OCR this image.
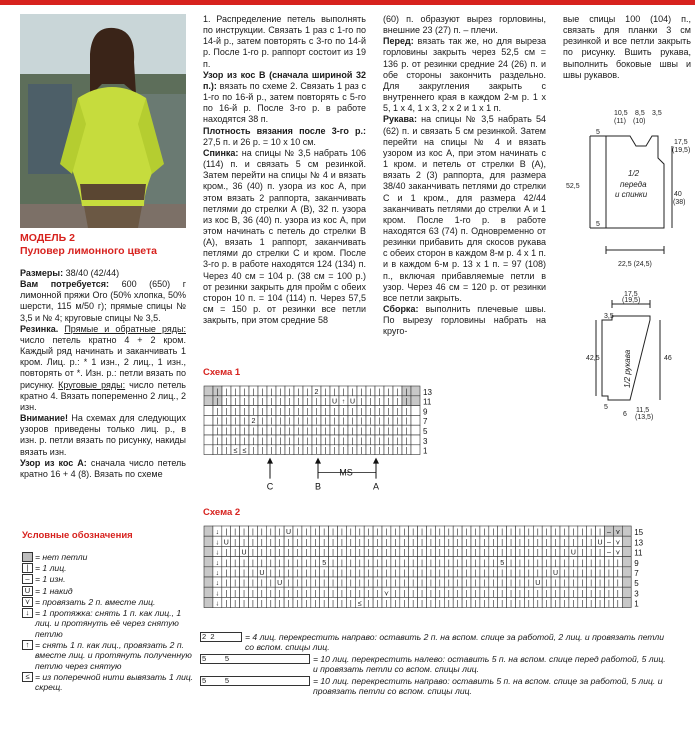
МОДЕЛЬ 2
Пуловер лимонного цвета

Размеры: 38/40 (42/44)

Вам потребуется: 600 (650) г лимонной пряжи Oro (50% хлопка, 50% шерсти, 115 м/50 г); прямые спицы № 3,5 и № 4; круговые спицы № 3,5.

Резинка. Прямые и обратные ряды: число петель кратно 4 + 2 кром. Каждый ряд начинать и заканчивать 1 кром. Лиц. р.: * 1 изн., 2 лиц., 1 изн., повторять от *. Изн. р.: петли вязать по рисунку. Круговые ряды: число петель кратно 4. Вязать попеременно 2 лиц., 2 изн.

Внимание! На схемах для следующих узоров приведены только лиц. р., в изн. р. петли вязать по рисунку, накиды вязать изн.

Узор из кос А: сначала число петель кратно 16 + 4 (8). Вязать по схеме

1. Распределение петель выполнять по инструкции. Связать 1 раз с 1-го по 14-й р., затем повторять с 3-го по 14-й р. После 1-го р. раппорт состоит из 19 п.

Узор из кос В (сначала шириной 32 п.): вязать по схеме 2. Связать 1 раз с 1-го по 16-й р., затем повторять с 5-го по 16-й р. После 3-го р. в работе находятся 38 п.

Плотность вязания после 3-го р.: 27,5 п. и 26 р. = 10 х 10 см.

Спинка: на спицы № 3,5 набрать 106 (114) п. и связать 5 см резинкой. Затем перейти на спицы № 4 и вязать кром., 36 (40) п. узора из кос А, при этом вязать 2 раппорта, заканчивать петлями до стрелки А (В), 32 п. узора из кос В, 36 (40) п. узора из кос А, при этом начинать с петель до стрелки В (А), вязать 1 раппорт, заканчивать петлями до стрелки С и кром. После 3-го р. в работе находятся 124 (134) п. Через 40 см = 104 р. (38 см = 100 р.) от резинки закрыть для пройм с обеих сторон 10 п. = 104 (114) п. Через 57,5 см = 150 р. от резинки все петли закрыть, при этом средние 58

(60) п. образуют вырез горловины, внешние 23 (27) п. – плечи.

Перед: вязать так же, но для выреза горловины закрыть через 52,5 см = 136 р. от резинки средние 24 (26) п. и обе стороны закончить раздельно. Для закругления закрыть с внутреннего края в каждом 2-м р. 1 х 5, 1 х 4, 1 х 3, 2 х 2 и 1 х 1 п.

Рукава: на спицы № 3,5 набрать 54 (62) п. и связать 5 см резинкой. Затем перейти на спицы № 4 и вязать узором из кос А, при этом начинать с 1 кром. и петель от стрелки В (А), вязать 2 (3) раппорта, для размера 38/40 заканчивать петлями до стрелки С и 1 кром., для размера 42/44 заканчивать петлями до стрелки А и 1 кром. После 1-го р. в работе находятся 63 (74) п. Одновременно от резинки прибавить для скосов рукава с обеих сторон в каждом 8-м р. 4 х 1 п. и в каждом 6-м р. 13 х 1 п. = 97 (108) п., включая прибавляемые петли в узор. Через 46 см = 120 р. от резинки все петли закрыть.

Сборка: выполнить плечевые швы. По вырезу горловины набрать на круго-

вые спицы 100 (104) п., связать для планки 3 см резинкой и все петли закрыть по рисунку. Вшить рукава, выполнить боковые швы и швы рукавов.
10,5 8,5 3,5
(11) (10)
5
17,5
(19,5)
1/2
переда
и спинки
52,5
40
(38)
5
22,5 (24,5)
17,5
(19,5)
3,5
42,5	1/2 рукава	46
5
6
11,5
(13,5)
Схема 1
| | | | | | | | | | | 2 | | | | | | | | | | 13
| | | | | | | | | | | | | U ↑ U | | | | | | 11
| | | | | | | | | | | | | | | | | | | | | | 9
| | | | 2 | | | | | | | | | | | | | | | | | 7
| | | | | | | | | | | | | | | | | | | | | | 5
| | | | | | | | | | | | | | | | | | | | | | 3
| | ≤ ≤ | | | | | | | | | | | | | | | | | | 1
C	B	A
MS
Схема 2
↓ | | | | | | | U | | | | | | | | | | | | | | | | | | | | | | | | | | | | | | | | | | | – ⋎ 15
↓ U | | | | | | | | | | | | | | | | | | | | | | | | | | | | | | | | | | | | | | | | | U – ⋎ 13
↓ | | U | | | | | | | | | | | | | | | | | | | | | | | | | | | | | | | | | | | | U | | | – ⋎ 11
↓ | | | | | | | | | | | 5 | | | | | | | | | | | | | | | | | | | 5 | | | | | | | | | | | | | 9
↓ | | | | U | | | | | | | | | | | | | | | | | | | | | | | | | | | | | | | | U | | | | | | | 7
↓ | | | | | | U | | | | | | | | | | | | | | | | | | | | | | | | | | | | U | | | | | | | | | 5
↓ | | | | | | | | | | | | | | | | | | ⋎ | | | | | | | | | | | | | | | | | | | | | | | | | | 3
↓ | | | | | | | | | | | | | | | ≤ | | | | | | | | | | | | | | | | | | | | | | | | | | | | | 1
Условные обозначения
= нет петли
| = 1 лиц.
– = 1 изн.
U = 1 накид
⋎ = провязать 2 п. вместе лиц.
↓ = 1 протяжка: снять 1 п. как лиц., 1 лиц. и протянуть её через снятую петлю
↑ = снять 1 п. как лиц., провязать 2 п. вместе лиц. и протянуть полученную петлю через снятую
≤ = из поперечной нити вывязать 1 лиц. скрещ.
2  2	= 4 лиц. перекрестить направо: оставить 2 п. на вспом. спице за работой, 2 лиц. и провязать петли со вспом. спицы лиц.
5         5	= 10 лиц. перекрестить налево: оставить 5 п. на вспом. спице перед работой, 5 лиц. и провязать петли со вспом. спицы лиц.
5         5	= 10 лиц. перекрестить направо: оставить 5 п. на вспом. спице за работой, 5 лиц. и провязать петли со вспом. спицы лиц.
